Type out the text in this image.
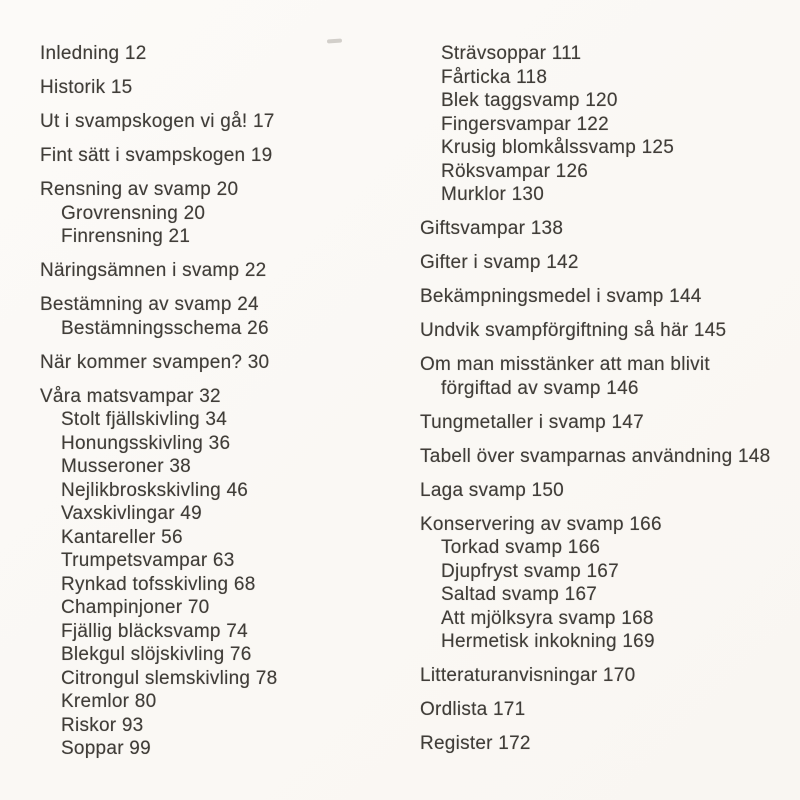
Inledning 12
Historik 15
Ut i svampskogen vi gå! 17
Fint sätt i svampskogen 19
Rensning av svamp 20
Grovrensning 20
Finrensning 21
Näringsämnen i svamp 22
Bestämning av svamp 24
Bestämningsschema 26
När kommer svampen? 30
Våra matsvampar 32
Stolt fjällskivling 34
Honungsskivling 36
Musseroner 38
Nejlikbroskskivling 46
Vaxskivlingar 49
Kantareller 56
Trumpetsvampar 63
Rynkad tofsskivling 68
Champinjoner 70
Fjällig bläcksvamp 74
Blekgul slöjskivling 76
Citrongul slemskivling 78
Kremlor 80
Riskor 93
Soppar 99
Strävsoppar 111
Fårticka 118
Blek taggsvamp 120
Fingersvampar 122
Krusig blomkålssvamp 125
Röksvampar 126
Murklor 130
Giftsvampar 138
Gifter i svamp 142
Bekämpningsmedel i svamp 144
Undvik svampförgiftning så här 145
Om man misstänker att man blivit
förgiftad av svamp 146
Tungmetaller i svamp 147
Tabell över svamparnas användning 148
Laga svamp 150
Konservering av svamp 166
Torkad svamp 166
Djupfryst svamp 167
Saltad svamp 167
Att mjölksyra svamp 168
Hermetisk inkokning 169
Litteraturanvisningar 170
Ordlista 171
Register 172
